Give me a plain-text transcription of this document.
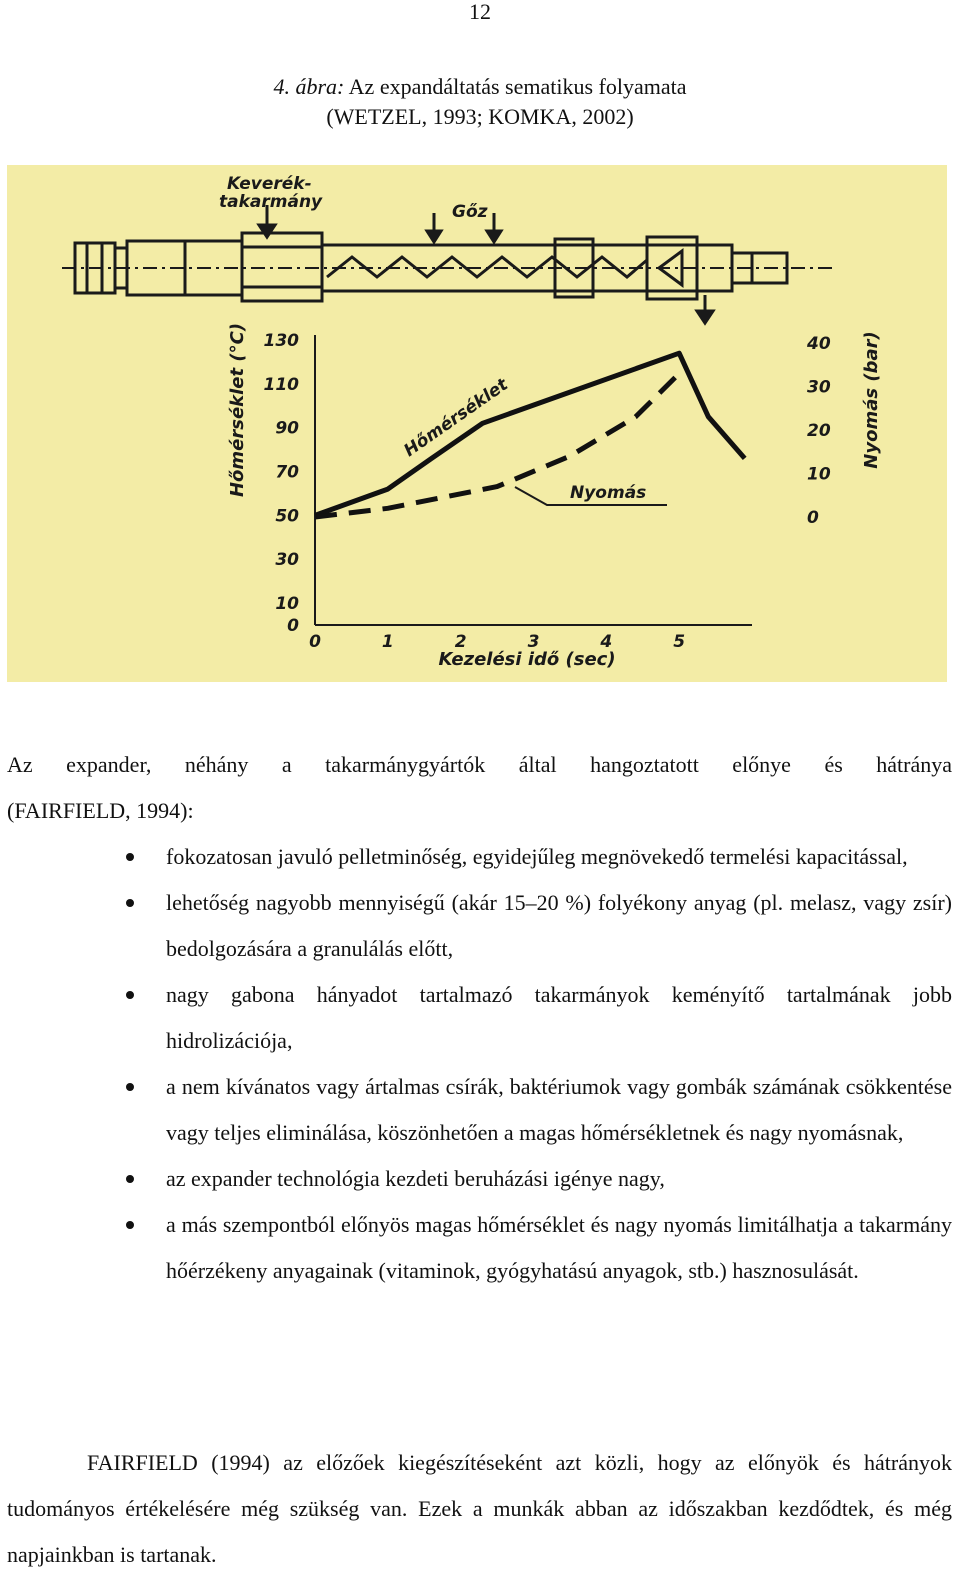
12
4. ábra: Az expandáltatás sematikus folyamata
(WETZEL, 1993; KOMKA, 2002)
Keverék-
takarmány	Gőz
0
10
30
50
70
90
110
130
0
10
20
30
40
0	1	2	3	4	5
Kezelési idő (sec)
Hőmérséklet (°C)	Nyomás (bar)
Hőmérséklet
Nyomás

Az expander, néhány a takarmánygyártók által hangoztatott előnye és hátránya

(FAIRFIELD, 1994):

fokozatosan javuló pelletminőség, egyidejűleg megnövekedő termelési kapacitással,
lehetőség nagyobb mennyiségű (akár 15–20 %) folyékony anyag (pl. melasz, vagy zsír) bedolgozására a granulálás előtt,
nagy gabona hányadot tartalmazó takarmányok keményítő tartalmának jobb hidrolizációja,
a nem kívánatos vagy ártalmas csírák, baktériumok vagy gombák számának csökkentése vagy teljes eliminálása, köszönhetően a magas hőmérsékletnek és nagy nyomásnak,
az expander technológia kezdeti beruházási igénye nagy,
a más szempontból előnyös magas hőmérséklet és nagy nyomás limitálhatja a takarmány hőérzékeny anyagainak (vitaminok, gyógyhatású anyagok, stb.) hasznosulását.

FAIRFIELD (1994) az előzőek kiegészítéseként azt közli, hogy az előnyök és hátrányok tudományos értékelésére még szükség van. Ezek a munkák abban az időszakban kezdődtek, és még napjainkban is tartanak.
